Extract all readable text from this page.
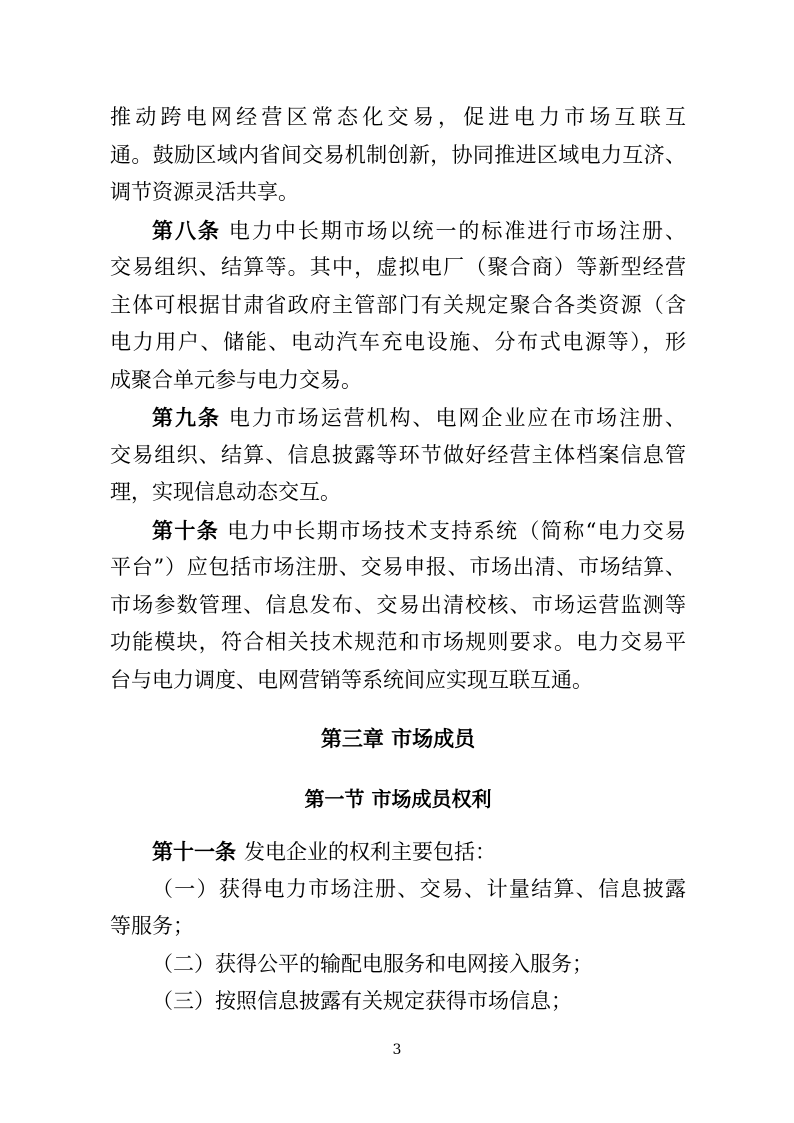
推动跨电网经营区常态化交易，促进电力市场互联互
通。鼓励区域内省间交易机制创新，协同推进区域电力互济、
调节资源灵活共享。
第八条 电力中长期市场以统一的标准进行市场注册、
交易组织、结算等。其中，虚拟电厂（聚合商）等新型经营
主体可根据甘肃省政府主管部门有关规定聚合各类资源（含
电力用户、储能、电动汽车充电设施、分布式电源等），形
成聚合单元参与电力交易。
第九条 电力市场运营机构、电网企业应在市场注册、
交易组织、结算、信息披露等环节做好经营主体档案信息管
理，实现信息动态交互。
第十条 电力中长期市场技术支持系统（简称“电力交易
平台”）应包括市场注册、交易申报、市场出清、市场结算、
市场参数管理、信息发布、交易出清校核、市场运营监测等
功能模块，符合相关技术规范和市场规则要求。电力交易平
台与电力调度、电网营销等系统间应实现互联互通。
第三章 市场成员
第一节 市场成员权利
第十一条 发电企业的权利主要包括：
（一）获得电力市场注册、交易、计量结算、信息披露
等服务；
（二）获得公平的输配电服务和电网接入服务；
（三）按照信息披露有关规定获得市场信息；
3
